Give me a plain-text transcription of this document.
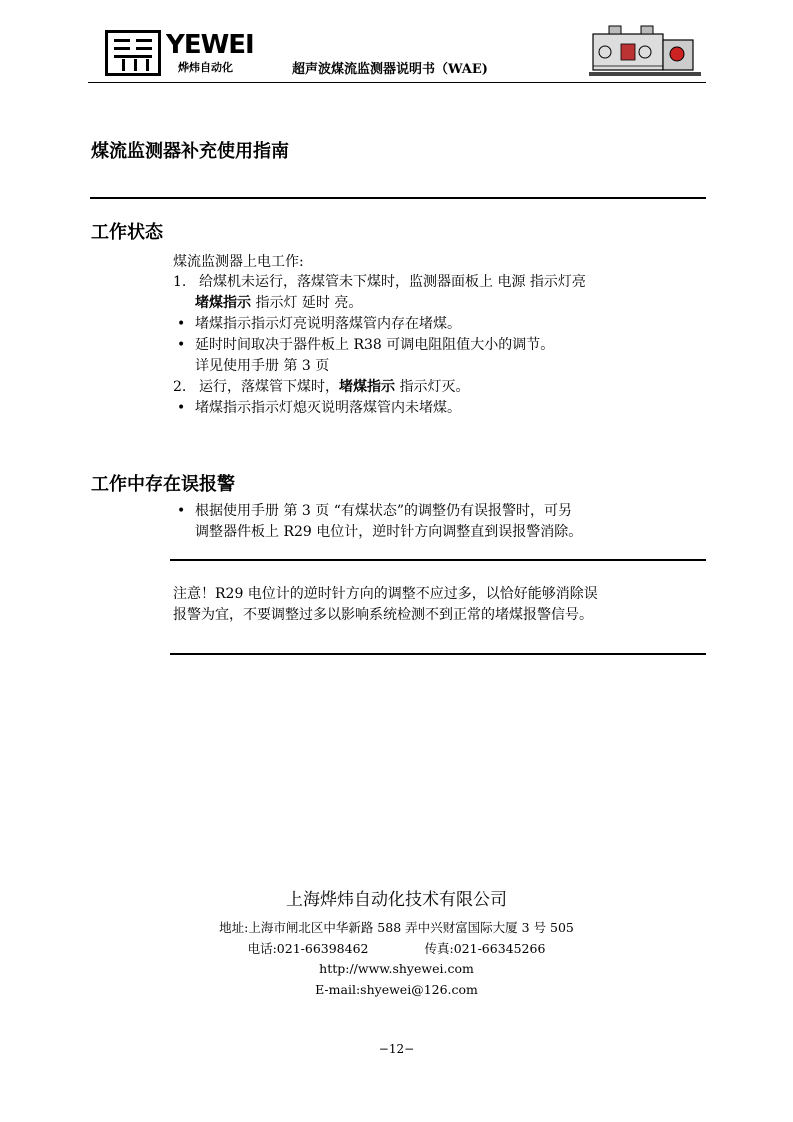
YEWEI
烨炜自动化	超声波煤流监测器说明书（WAE)
煤流监测器补充使用指南
工作状态
煤流监测器上电工作:
1. 给煤机未运行，落煤管未下煤时，监测器面板上 电源 指示灯亮
堵煤指示 指示灯 延时 亮。
• 堵煤指示指示灯亮说明落煤管内存在堵煤。
• 延时时间取决于器件板上 R38 可调电阻阻值大小的调节。
详见使用手册 第 3 页
2. 运行，落煤管下煤时，堵煤指示 指示灯灭。
• 堵煤指示指示灯熄灭说明落煤管内未堵煤。
工作中存在误报警
• 根据使用手册 第 3 页 “有煤状态”的调整仍有误报警时，可另
调整器件板上 R29 电位计，逆时针方向调整直到误报警消除。
注意！R29 电位计的逆时针方向的调整不应过多，以恰好能够消除误
报警为宜，不要调整过多以影响系统检测不到正常的堵煤报警信号。
上海烨炜自动化技术有限公司
地址:上海市闸北区中华新路 588 弄中兴财富国际大厦 3 号 505
电话:021-66398462	传真:021-66345266
http://www.shyewei.com
E-mail:shyewei@126.com
−12−
